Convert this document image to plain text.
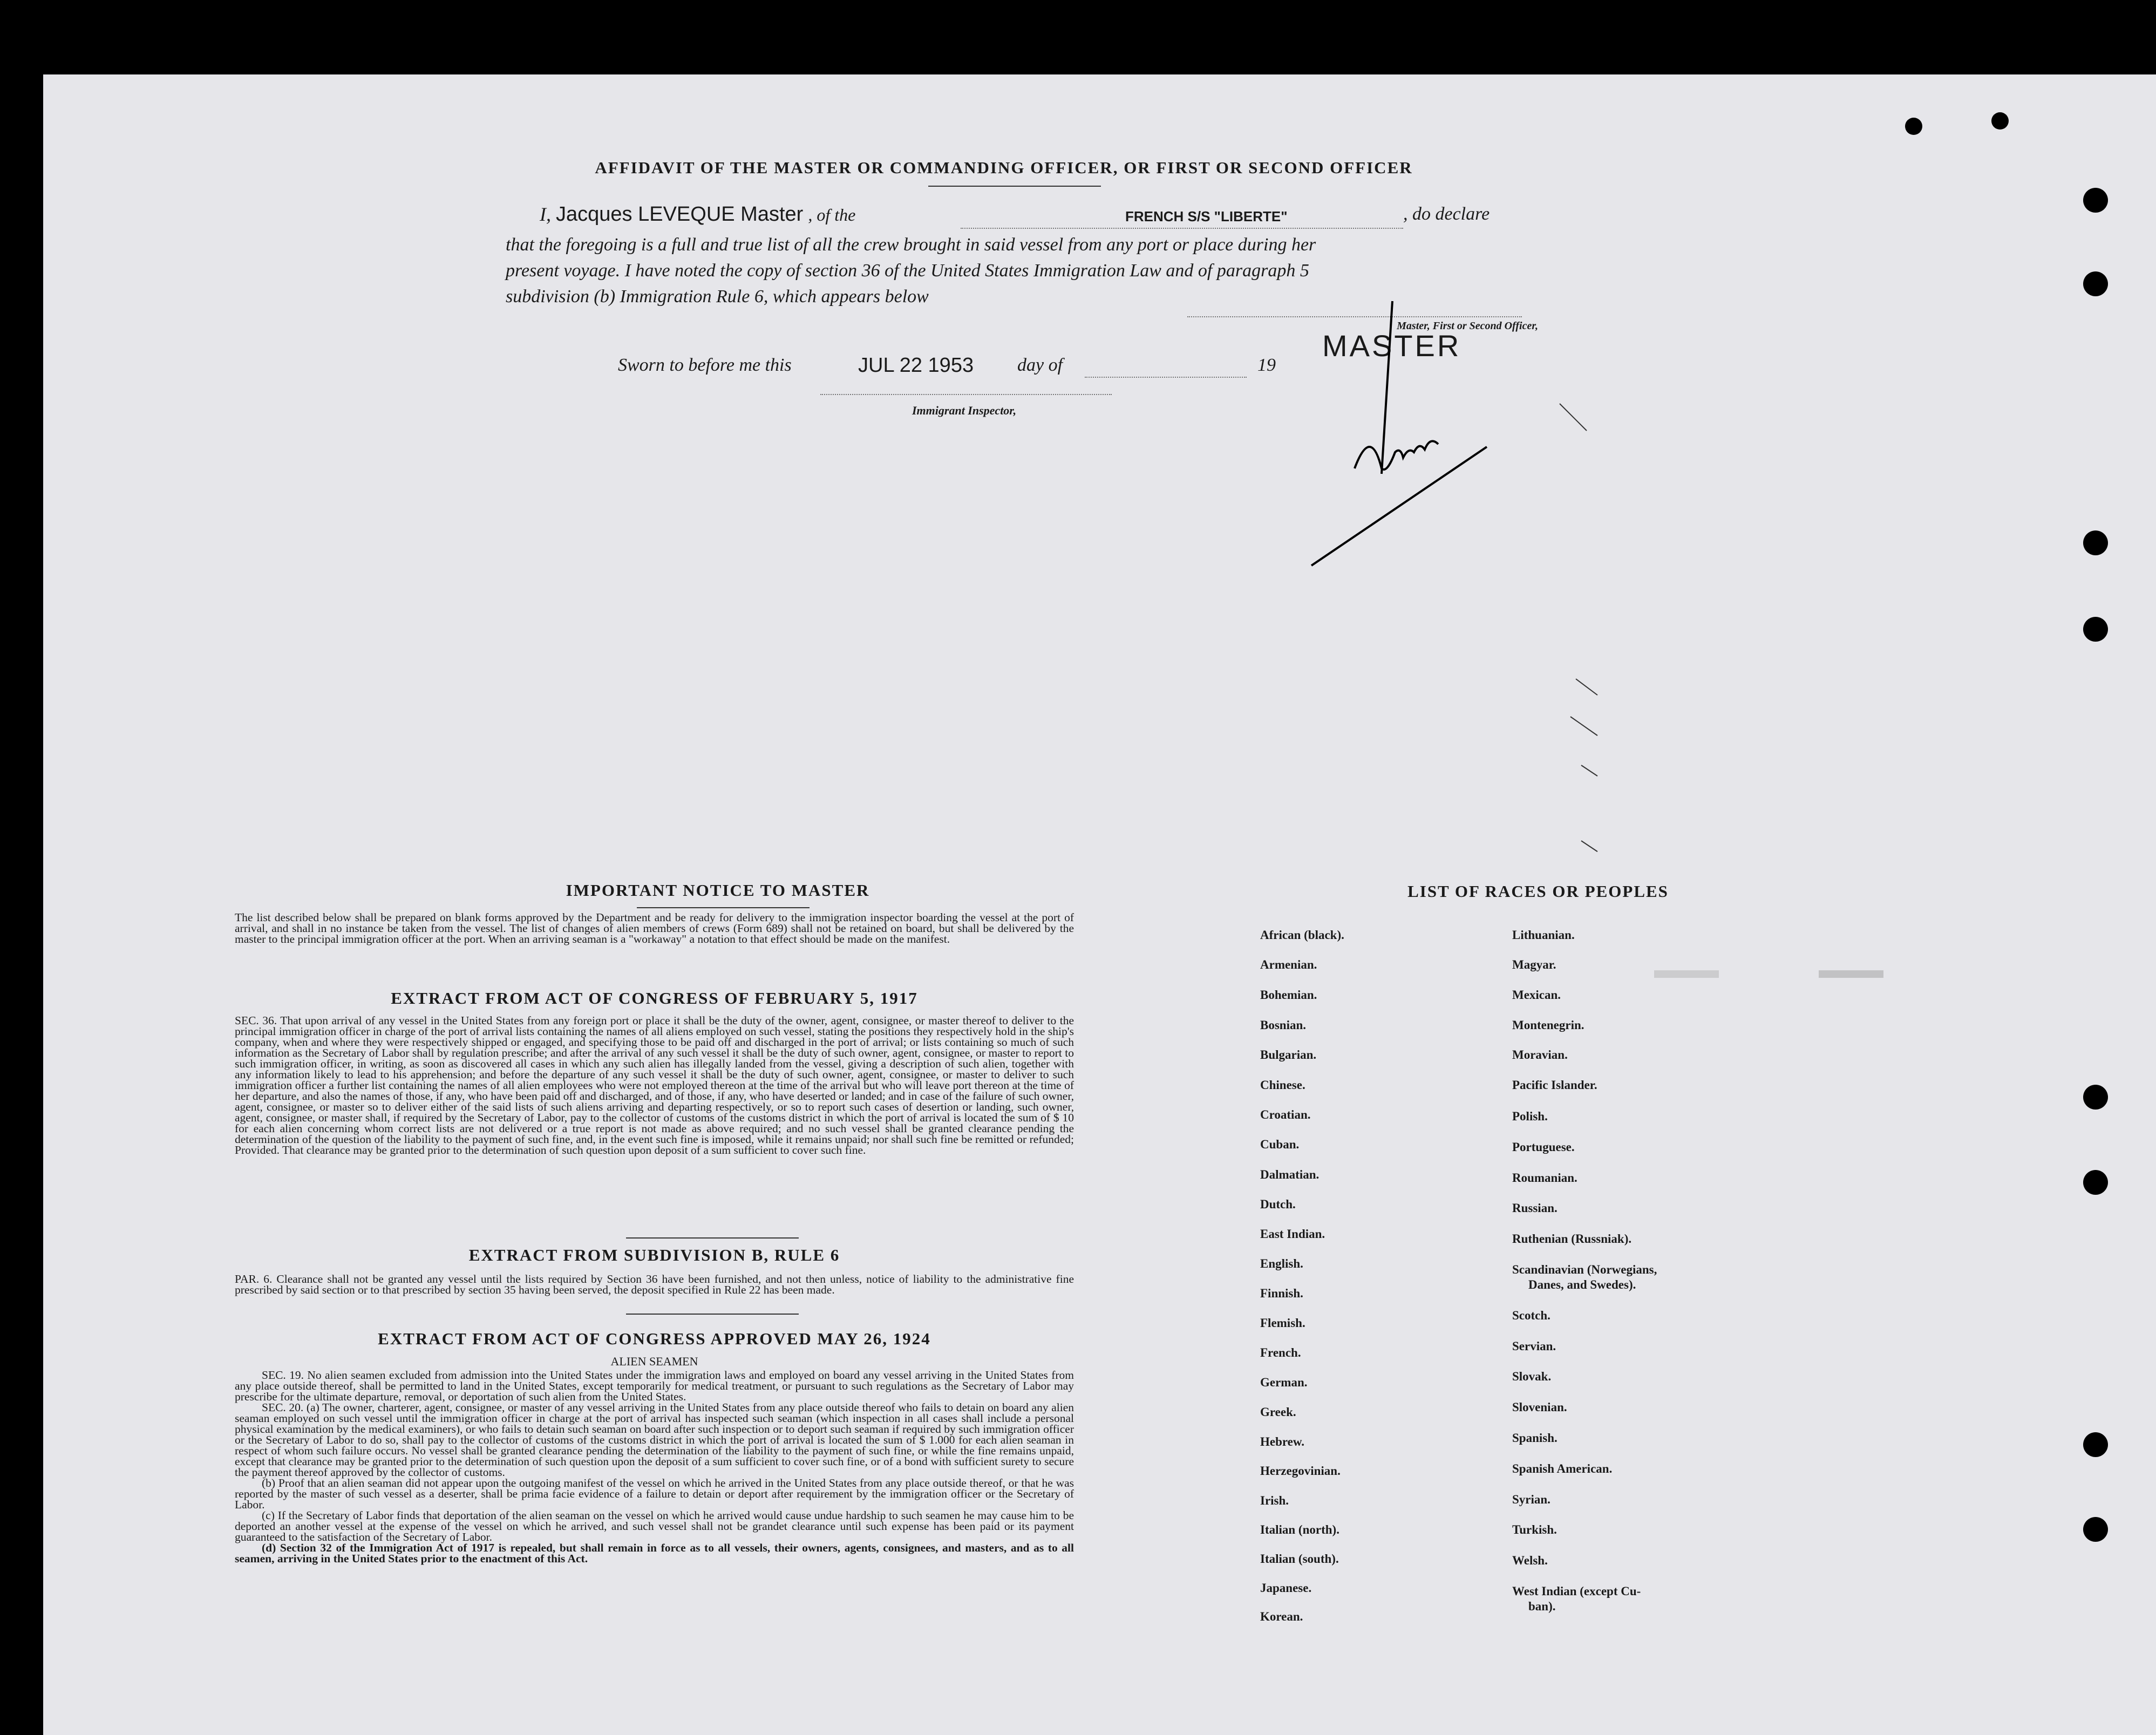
AFFIDAVIT OF THE MASTER OR COMMANDING OFFICER, OR FIRST OR SECOND OFFICER
I, Jacques LEVEQUE Master , of the	FRENCH S/S "LIBERTE"	, do declare
that the foregoing is a full and true list of all the crew brought in said vessel from any port or place during her
present voyage. I have noted the copy of section 36 of the United States Immigration Law and of paragraph 5
subdivision (b) Immigration Rule 6, which appears below
Master, First or Second Officer,
Sworn to before me this	JUL 22 1953 day of	19
MASTER
Immigrant Inspector,
IMPORTANT NOTICE TO MASTER
The list described below shall be prepared on blank forms approved by the Department and be ready for delivery to the immigration inspector boarding the vessel at the port of arrival, and shall in no instance be taken from the vessel. The list of changes of alien members of crews (Form 689) shall not be retained on board, but shall be delivered by the master to the principal immigration officer at the port. When an arriving seaman is a "workaway" a notation to that effect should be made on the manifest.
EXTRACT FROM ACT OF CONGRESS OF FEBRUARY 5, 1917
SEC. 36. That upon arrival of any vessel in the United States from any foreign port or place it shall be the duty of the owner, agent, consignee, or master thereof to deliver to the principal immigration officer in charge of the port of arrival lists containing the names of all aliens employed on such vessel, stating the positions they respectively hold in the ship's company, when and where they were respectively shipped or engaged, and specifying those to be paid off and discharged in the port of arrival; or lists containing so much of such information as the Secretary of Labor shall by regulation prescribe; and after the arrival of any such vessel it shall be the duty of such owner, agent, consignee, or master to report to such immigration officer, in writing, as soon as discovered all cases in which any such alien has illegally landed from the vessel, giving a description of such alien, together with any information likely to lead to his apprehension; and before the departure of any such vessel it shall be the duty of such owner, agent, consignee, or master to deliver to such immigration officer a further list containing the names of all alien employees who were not employed thereon at the time of the arrival but who will leave port thereon at the time of her departure, and also the names of those, if any, who have been paid off and discharged, and of those, if any, who have deserted or landed; and in case of the failure of such owner, agent, consignee, or master so to deliver either of the said lists of such aliens arriving and departing respectively, or so to report such cases of desertion or landing, such owner, agent, consignee, or master shall, if required by the Secretary of Labor, pay to the collector of customs of the customs district in which the port of arrival is located the sum of $ 10 for each alien concerning whom correct lists are not delivered or a true report is not made as above required; and no such vessel shall be granted clearance pending the determination of the question of the liability to the payment of such fine, and, in the event such fine is imposed, while it remains unpaid; nor shall such fine be remitted or refunded; Provided. That clearance may be granted prior to the determination of such question upon deposit of a sum sufficient to cover such fine.
EXTRACT FROM SUBDIVISION B, RULE 6
PAR. 6. Clearance shall not be granted any vessel until the lists required by Section 36 have been furnished, and not then unless, notice of liability to the administrative fine prescribed by said section or to that prescribed by section 35 having been served, the deposit specified in Rule 22 has been made.
EXTRACT FROM ACT OF CONGRESS APPROVED MAY 26, 1924
ALIEN SEAMEN

SEC. 19. No alien seamen excluded from admission into the United States under the immigration laws and employed on board any vessel arriving in the United States from any place outside thereof, shall be permitted to land in the United States, except temporarily for medical treatment, or pursuant to such regulations as the Secretary of Labor may prescribe for the ultimate departure, removal, or deportation of such alien from the United States.

SEC. 20. (a) The owner, charterer, agent, consignee, or master of any vessel arriving in the United States from any place outside thereof who fails to detain on board any alien seaman employed on such vessel until the immigration officer in charge at the port of arrival has inspected such seaman (which inspection in all cases shall include a personal physical examination by the medical examiners), or who fails to detain such seaman on board after such inspection or to deport such seaman if required by such immigration officer or the Secretary of Labor to do so, shall pay to the collector of customs of the customs district in which the port of arrival is located the sum of $ 1.000 for each alien seaman in respect of whom such failure occurs. No vessel shall be granted clearance pending the determination of the liability to the payment of such fine, or while the fine remains unpaid, except that clearance may be granted prior to the determination of such question upon the deposit of a sum sufficient to cover such fine, or of a bond with sufficient surety to secure the payment thereof approved by the collector of customs.

(b) Proof that an alien seaman did not appear upon the outgoing manifest of the vessel on which he arrived in the United States from any place outside thereof, or that he was reported by the master of such vessel as a deserter, shall be prima facie evidence of a failure to detain or deport after requirement by the immigration officer or the Secretary of Labor.

(c) If the Secretary of Labor finds that deportation of the alien seaman on the vessel on which he arrived would cause undue hardship to such seamen he may cause him to be deported an another vessel at the expense of the vessel on which he arrived, and such vessel shall not be grandet clearance until such expense has been paid or its payment guaranteed to the satisfaction of the Secretary of Labor.

(d) Section 32 of the Immigration Act of 1917 is repealed, but shall remain in force as to all vessels, their owners, agents, consignees, and masters, and as to all seamen, arriving in the United States prior to the enactment of this Act.

LIST OF RACES OR PEOPLES
African (black).
Armenian.
Bohemian.
Bosnian.
Bulgarian.
Chinese.
Croatian.
Cuban.
Dalmatian.
Dutch.
East Indian.
English.
Finnish.
Flemish.
French.
German.
Greek.
Hebrew.
Herzegovinian.
Irish.
Italian (north).
Italian (south).
Japanese.
Korean.
Lithuanian.
Magyar.
Mexican.
Montenegrin.
Moravian.
Pacific Islander.
Polish.
Portuguese.
Roumanian.
Russian.
Ruthenian (Russniak).
Scandinavian (Norwegians,
Danes, and Swedes).
Scotch.
Servian.
Slovak.
Slovenian.
Spanish.
Spanish American.
Syrian.
Turkish.
Welsh.
West Indian (except Cu-
ban).
